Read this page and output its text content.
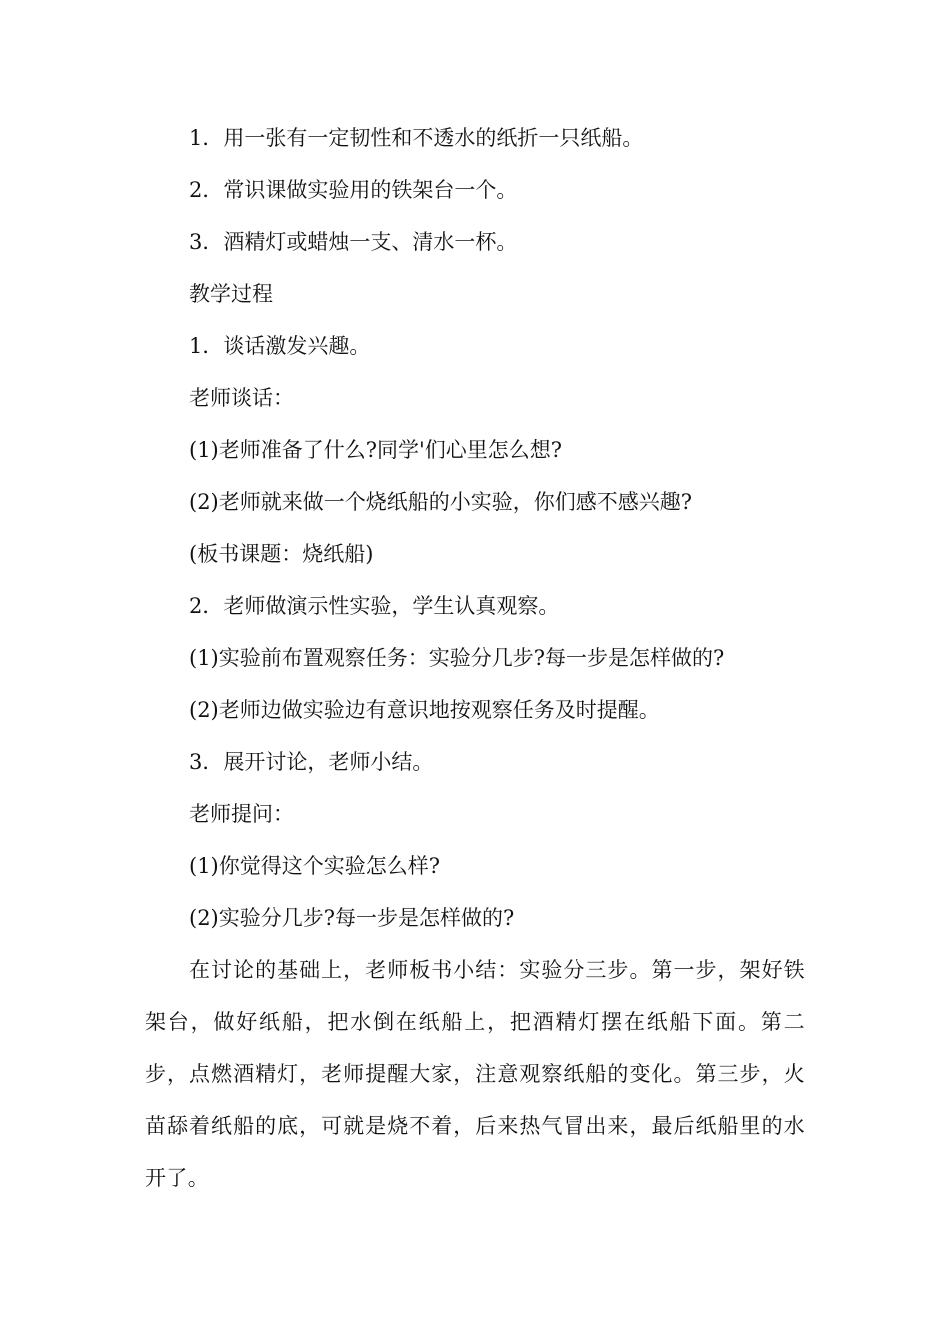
1．用一张有一定韧性和不透水的纸折一只纸船。
2．常识课做实验用的铁架台一个。
3．酒精灯或蜡烛一支、清水一杯。
教学过程
1．谈话激发兴趣。
老师谈话：
(1)老师准备了什么?同学'们心里怎么想?
(2)老师就来做一个烧纸船的小实验，你们感不感兴趣?
(板书课题：烧纸船)
2．老师做演示性实验，学生认真观察。
(1)实验前布置观察任务：实验分几步?每一步是怎样做的?
(2)老师边做实验边有意识地按观察任务及时提醒。
3．展开讨论，老师小结。
老师提问：
(1)你觉得这个实验怎么样?
(2)实验分几步?每一步是怎样做的?

在讨论的基础上，老师板书小结：实验分三步。第一步，架好铁架台，做好纸船，把水倒在纸船上，把酒精灯摆在纸船下面。第二步，点燃酒精灯，老师提醒大家，注意观察纸船的变化。第三步，火苗舔着纸船的底，可就是烧不着，后来热气冒出来，最后纸船里的水开了。
